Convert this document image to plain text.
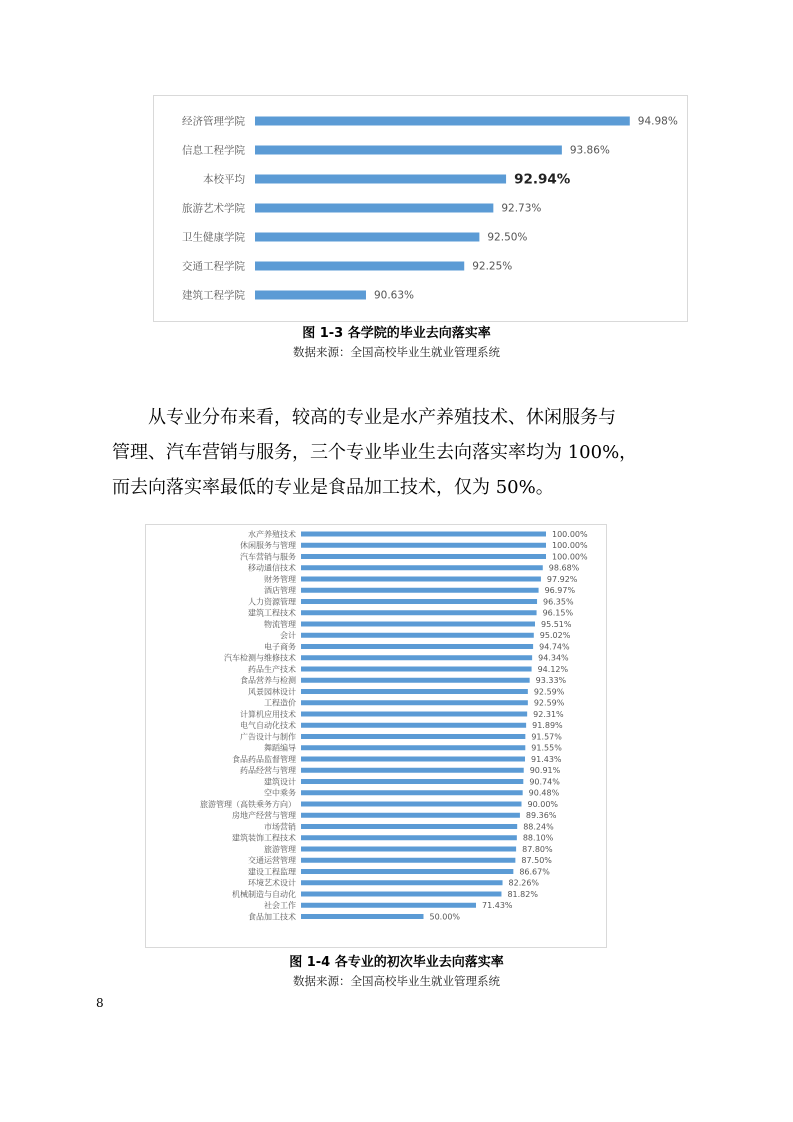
经济管理学院	94.98%
信息工程学院	93.86%
本校平均	92.94%
旅游艺术学院	92.73%
卫生健康学院	92.50%
交通工程学院	92.25%
建筑工程学院	90.63%
图 1-3 各学院的毕业去向落实率
数据来源：全国高校毕业生就业管理系统

从专业分布来看，较高的专业是水产养殖技术、休闲服务与

管理、汽车营销与服务，三个专业毕业生去向落实率均为 100%，

而去向落实率最低的专业是食品加工技术，仅为 50%。

水产养殖技术	100.00%
休闲服务与管理	100.00%
汽车营销与服务	100.00%
移动通信技术	98.68%
财务管理	97.92%
酒店管理	96.97%
人力资源管理	96.35%
建筑工程技术	96.15%
物流管理	95.51%
会计	95.02%
电子商务	94.74%
汽车检测与维修技术	94.34%
药品生产技术	94.12%
食品营养与检测	93.33%
风景园林设计	92.59%
工程造价	92.59%
计算机应用技术	92.31%
电气自动化技术	91.89%
广告设计与制作	91.57%
舞蹈编导	91.55%
食品药品监督管理	91.43%
药品经营与管理	90.91%
建筑设计	90.74%
空中乘务	90.48%
旅游管理（高铁乘务方向）	90.00%
房地产经营与管理	89.36%
市场营销	88.24%
建筑装饰工程技术	88.10%
旅游管理	87.80%
交通运营管理	87.50%
建设工程监理	86.67%
环境艺术设计	82.26%
机械制造与自动化	81.82%
社会工作	71.43%
食品加工技术	50.00%
图 1-4 各专业的初次毕业去向落实率
数据来源：全国高校毕业生就业管理系统
8
